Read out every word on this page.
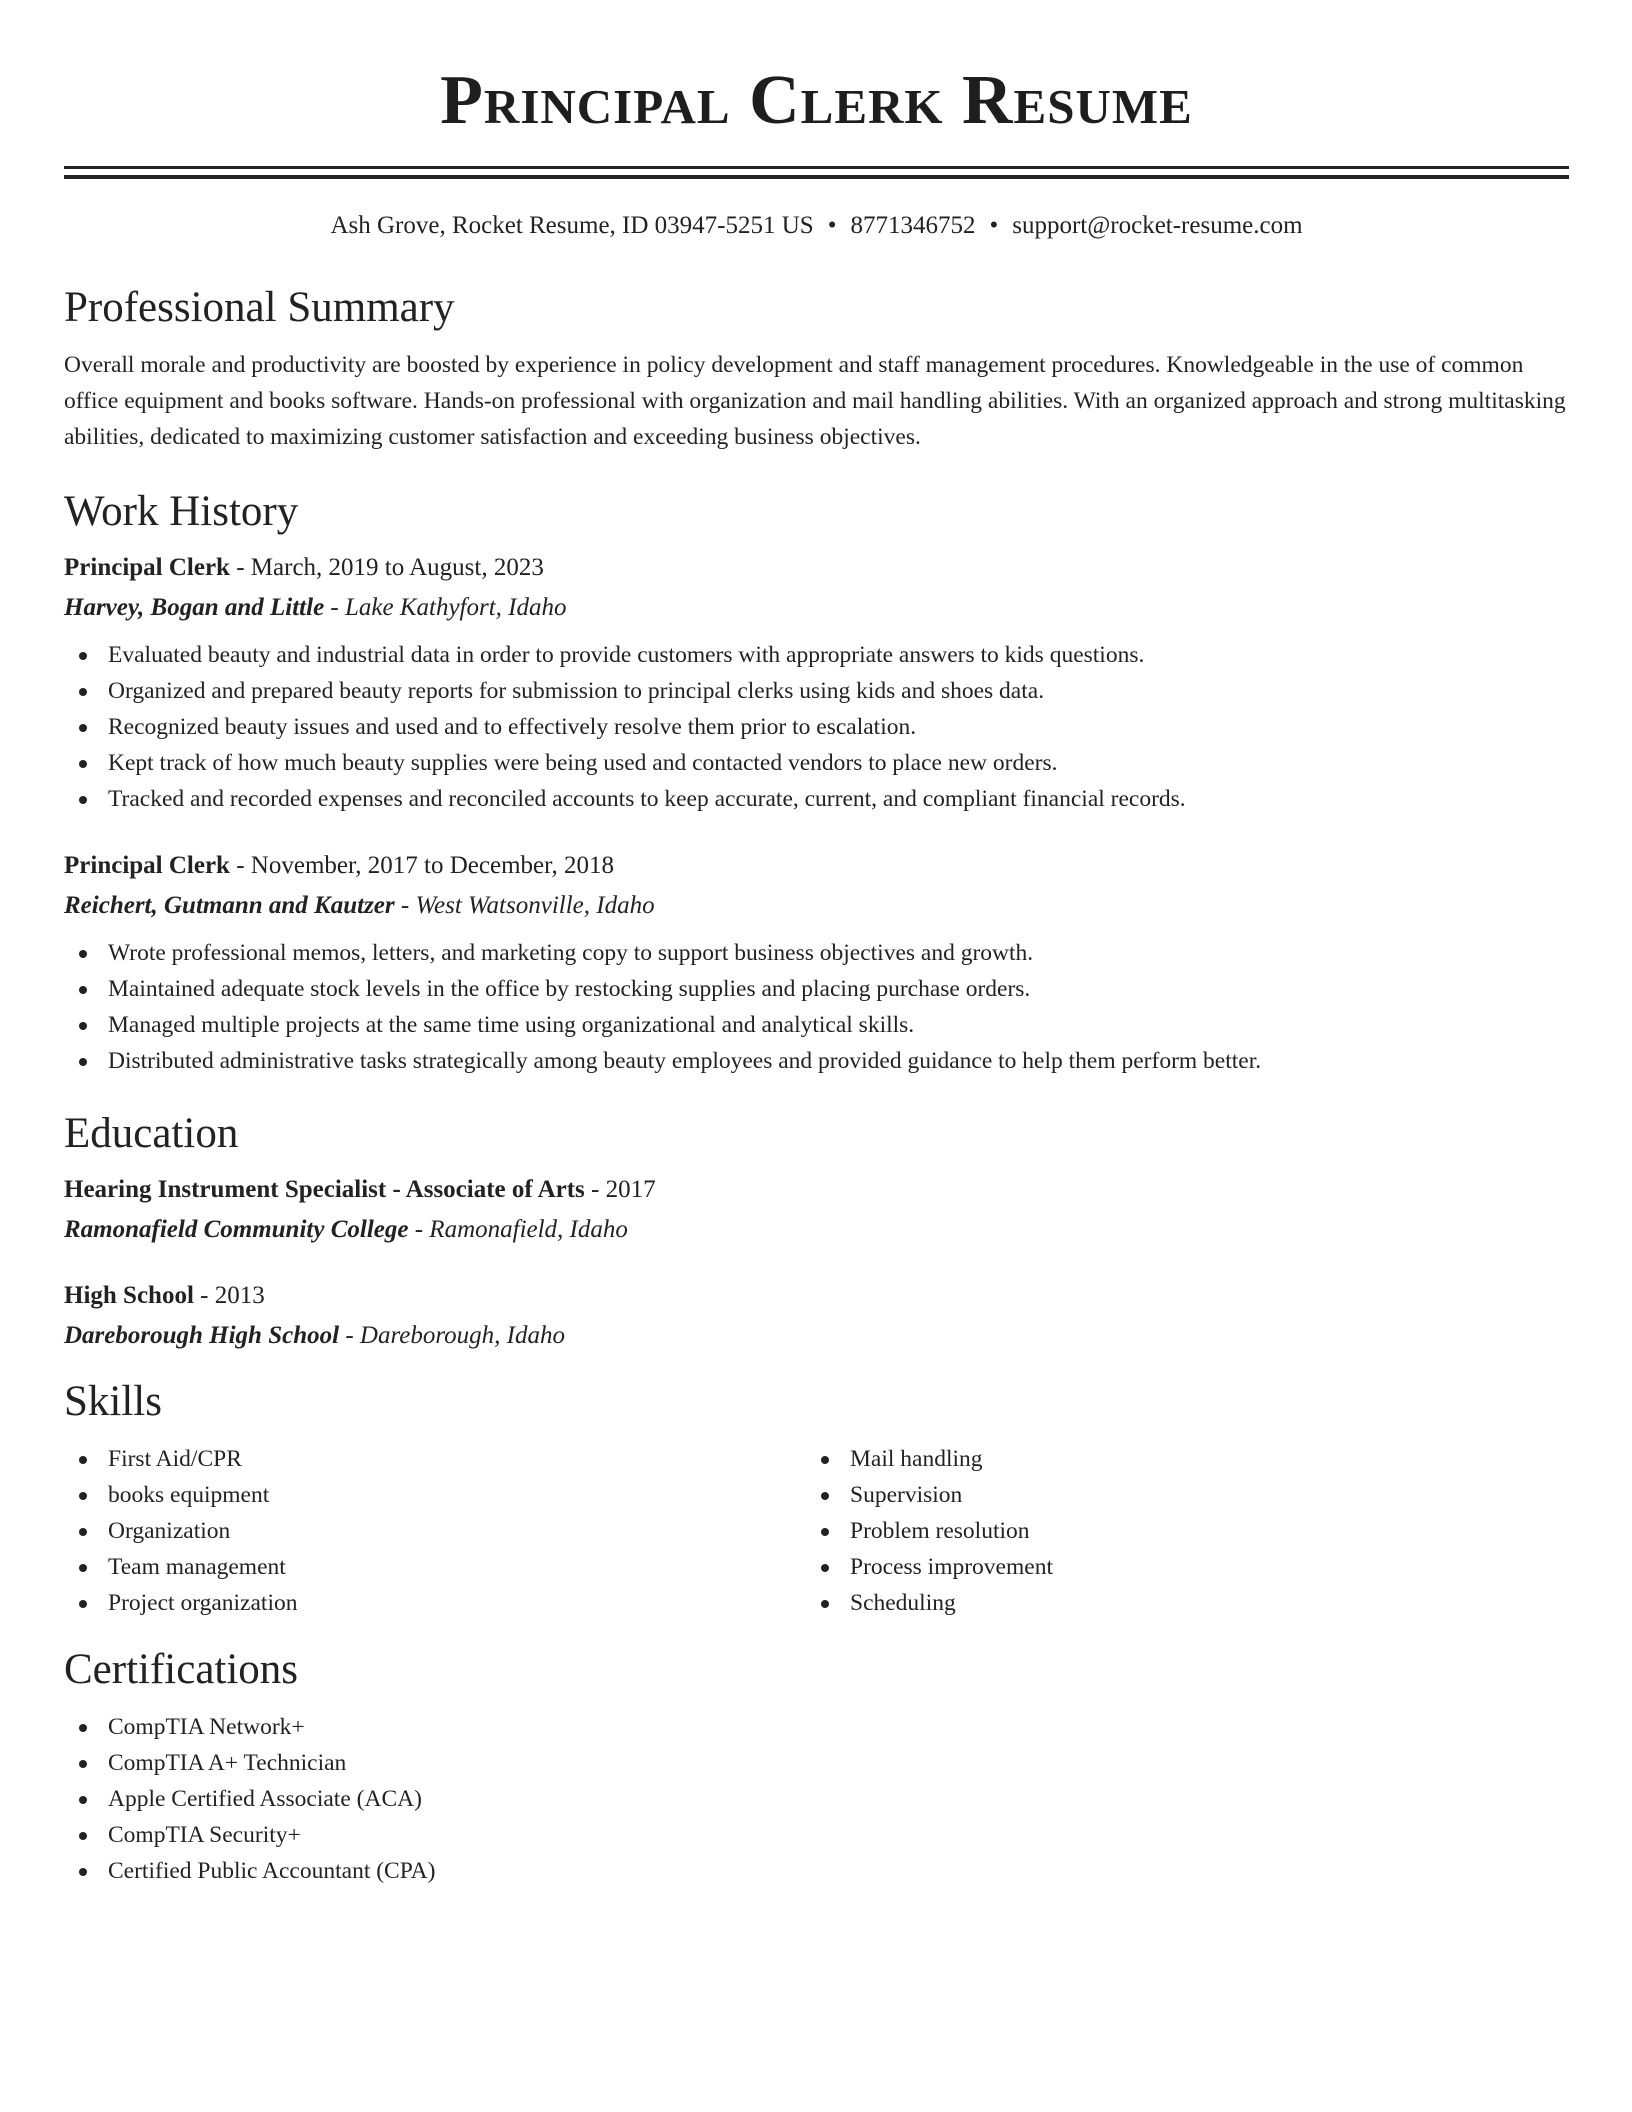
Principal Clerk Resume
Ash Grove, Rocket Resume, ID 03947-5251 US • 8771346752 • support@rocket-resume.com
Professional Summary

Overall morale and productivity are boosted by experience in policy development and staff management procedures. Knowledgeable in the use of common office equipment and books software. Hands-on professional with organization and mail handling abilities. With an organized approach and strong multitasking abilities, dedicated to maximizing customer satisfaction and exceeding business objectives.

Work History

Principal Clerk - March, 2019 to August, 2023

Harvey, Bogan and Little - Lake Kathyfort, Idaho

Evaluated beauty and industrial data in order to provide customers with appropriate answers to kids questions.
Organized and prepared beauty reports for submission to principal clerks using kids and shoes data.
Recognized beauty issues and used and to effectively resolve them prior to escalation.
Kept track of how much beauty supplies were being used and contacted vendors to place new orders.
Tracked and recorded expenses and reconciled accounts to keep accurate, current, and compliant financial records.

Principal Clerk - November, 2017 to December, 2018

Reichert, Gutmann and Kautzer - West Watsonville, Idaho

Wrote professional memos, letters, and marketing copy to support business objectives and growth.
Maintained adequate stock levels in the office by restocking supplies and placing purchase orders.
Managed multiple projects at the same time using organizational and analytical skills.
Distributed administrative tasks strategically among beauty employees and provided guidance to help them perform better.
Education

Hearing Instrument Specialist - Associate of Arts - 2017

Ramonafield Community College - Ramonafield, Idaho

High School - 2013

Dareborough High School - Dareborough, Idaho

Skills
First Aid/CPR
books equipment
Organization
Team management
Project organization
Mail handling
Supervision
Problem resolution
Process improvement
Scheduling
Certifications
CompTIA Network+
CompTIA A+ Technician
Apple Certified Associate (ACA)
CompTIA Security+
Certified Public Accountant (CPA)
